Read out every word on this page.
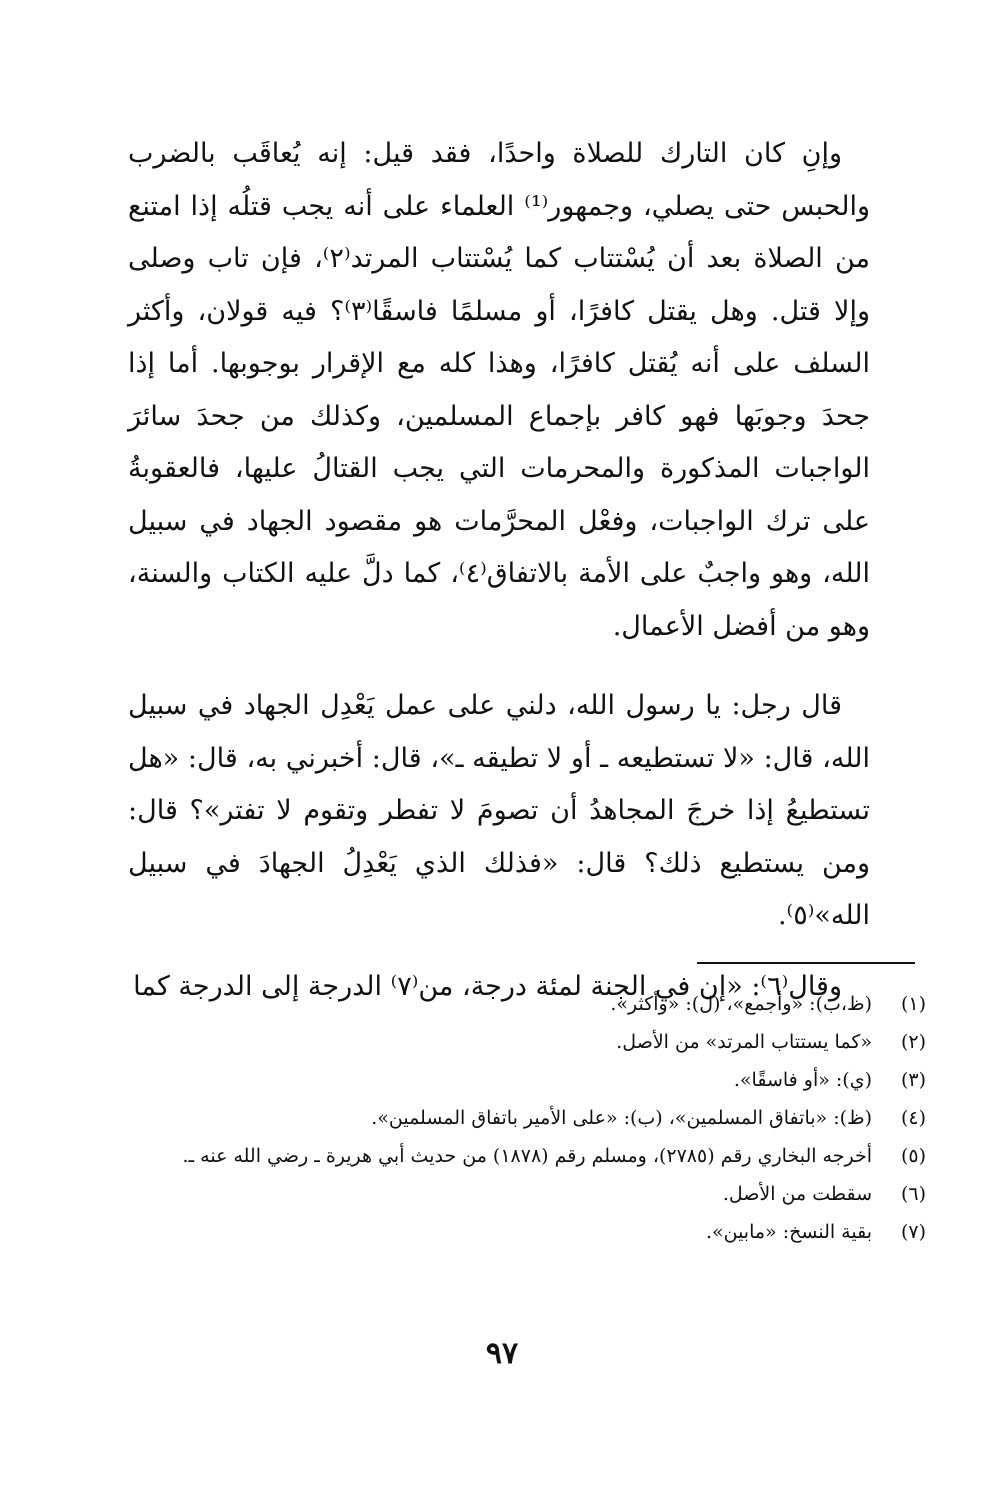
وإنِ كان التارك للصلاة واحدًا، فقد قيل: إنه يُعاقَب بالضرب والحبس حتى يصلي، وجمهور⁽¹⁾ العلماء على أنه يجب قتلُه إذا امتنع من الصلاة بعد أن يُسْتتاب كما يُسْتتاب المرتد⁽٢⁾، فإن تاب وصلى وإلا قتل. وهل يقتل كافرًا، أو مسلمًا فاسقًا⁽٣⁾؟ فيه قولان، وأكثر السلف على أنه يُقتل كافرًا، وهذا كله مع الإقرار بوجوبها. أما إذا جحدَ وجوبَها فهو كافر بإجماع المسلمين، وكذلك من جحدَ سائرَ الواجبات المذكورة والمحرمات التي يجب القتالُ عليها، فالعقوبةُ على ترك الواجبات، وفعْل المحرَّمات هو مقصود الجهاد في سبيل الله، وهو واجبٌ على الأمة بالاتفاق⁽٤⁾، كما دلَّ عليه الكتاب والسنة، وهو من أفضل الأعمال.

قال رجل: يا رسول الله، دلني على عمل يَعْدِل الجهاد في سبيل الله، قال: «لا تستطيعه ـ أو لا تطيقه ـ»، قال: أخبرني به، قال: «هل تستطيعُ إذا خرجَ المجاهدُ أن تصومَ لا تفطر وتقوم لا تفتر»؟ قال: ومن يستطيع ذلك؟ قال: «فذلك الذي يَعْدِلُ الجهادَ في سبيل الله»⁽٥⁾.

وقال⁽٦⁾: «إن في الجنة لمئة درجة، من⁽٧⁾ الدرجة إلى الدرجة كما

(١)
(ظ،ب): «وأجمع»، (ل): «وأكثر».
(٢)
«كما يستتاب المرتد» من الأصل.
(٣)
(ي): «أو فاسقًا».
(٤)
(ظ): «باتفاق المسلمين»، (ب): «على الأمير باتفاق المسلمين».
(٥)
أخرجه البخاري رقم (٢٧٨٥)، ومسلم رقم (١٨٧٨) من حديث أبي هريرة ـ رضي الله عنه ـ.
(٦)
سقطت من الأصل.
(٧)
بقية النسخ: «مابين».
٩٧
